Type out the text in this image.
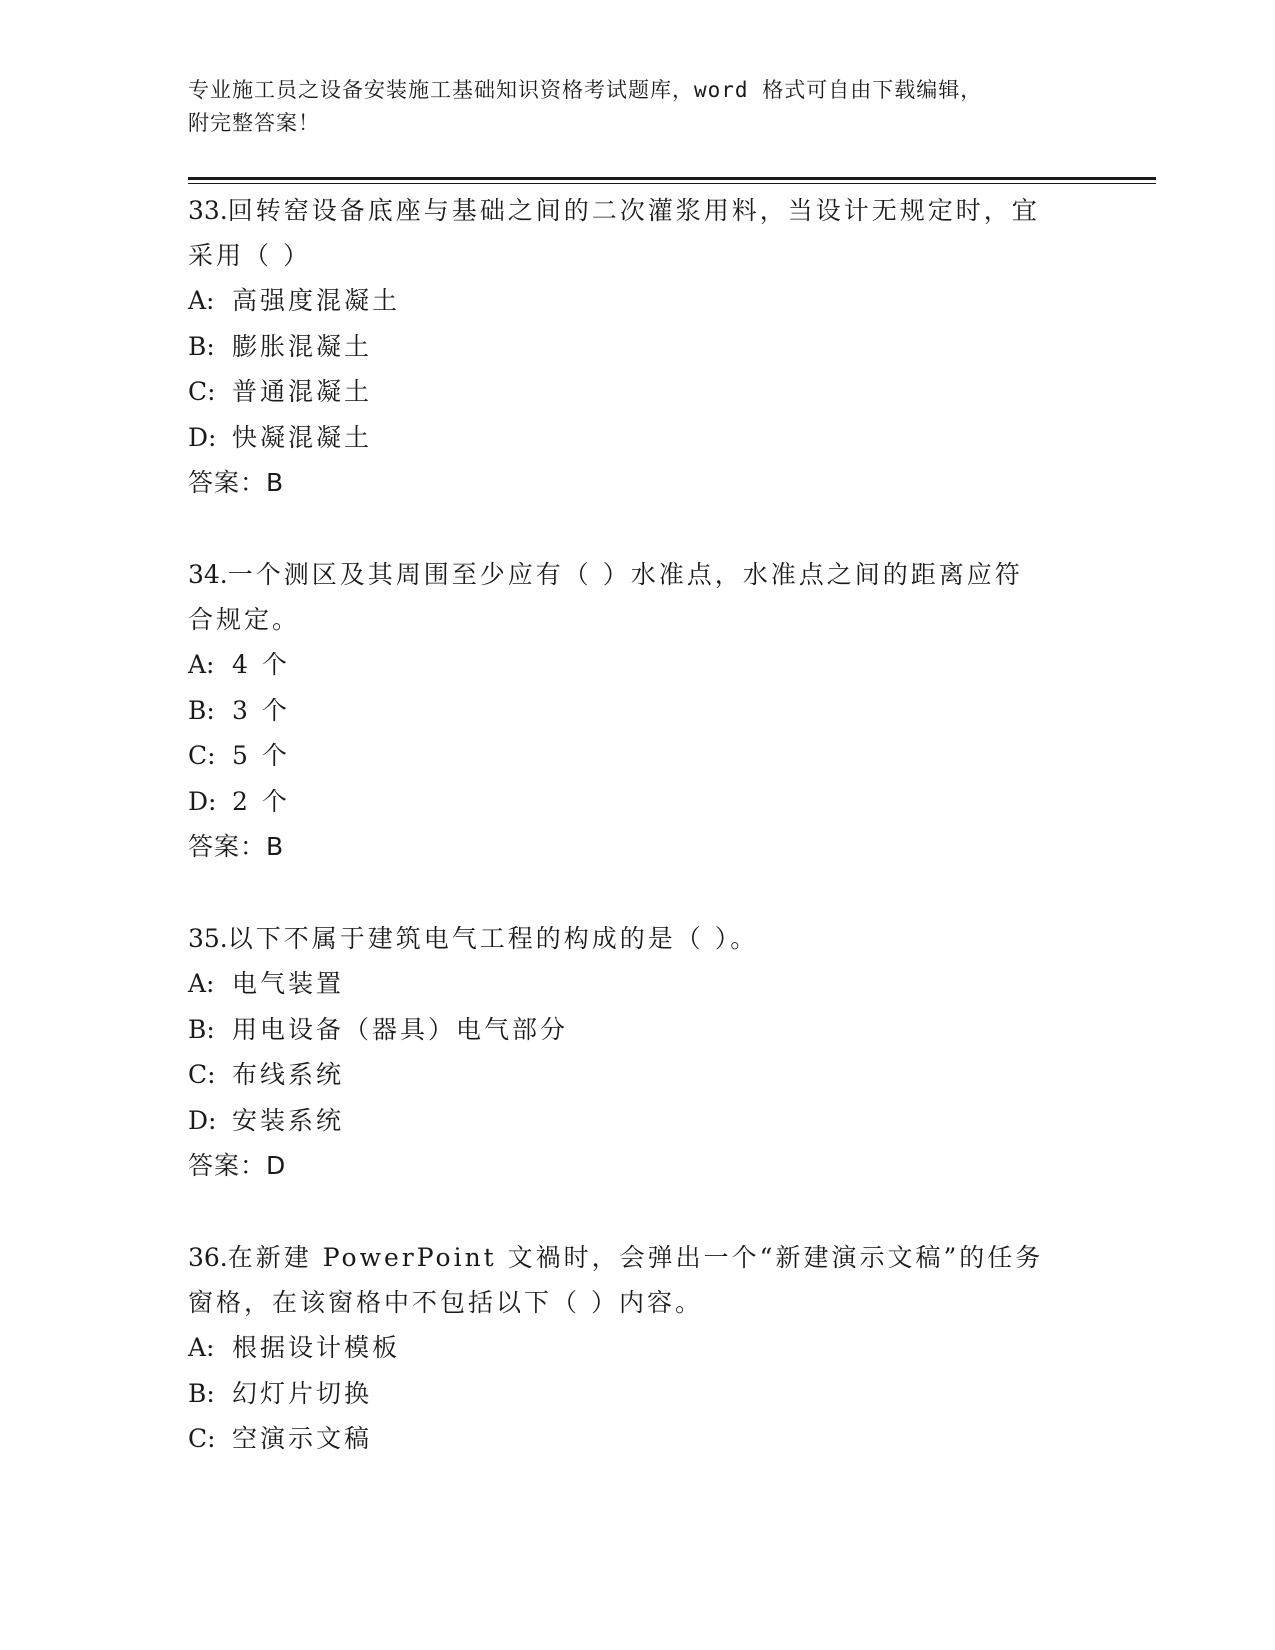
专业施工员之设备安装施工基础知识资格考试题库，word 格式可自由下载编辑，
附完整答案！

33.回转窑设备底座与基础之间的二次灌浆用料，当设计无规定时，宜

采用（ ）

A: 高强度混凝土

B: 膨胀混凝土

C: 普通混凝土

D: 快凝混凝土

答案：B

34.一个测区及其周围至少应有（ ）水准点，水准点之间的距离应符

合规定。

A: 4 个

B: 3 个

C: 5 个

D: 2 个

答案：B

35.以下不属于建筑电气工程的构成的是（ ）。

A: 电气装置

B: 用电设备（器具）电气部分

C: 布线系统

D: 安装系统

答案：D

36.在新建 PowerPoint 文禍时，会弹出一个“新建演示文稿”的任务

窗格，在该窗格中不包括以下（ ）内容。

A: 根据设计模板

B: 幻灯片切换

C: 空演示文稿
